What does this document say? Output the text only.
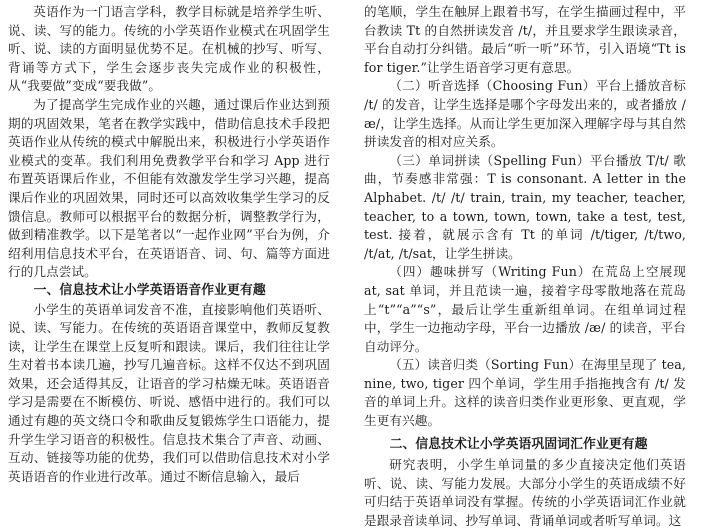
英语作为一门语言学科，教学目标就是培养学生听、说、读、写的能力。传统的小学英语作业模式在巩固学生听、说、读的方面明显优势不足。在机械的抄写、听写、背诵等方式下，学生会逐步丧失完成作业的积极性，从“我要做”变成“要我做”。

为了提高学生完成作业的兴趣，通过课后作业达到预期的巩固效果，笔者在教学实践中，借助信息技术手段把英语作业从传统的模式中解脱出来，积极进行小学英语作业模式的变革。我们利用免费教学平台和学习 App 进行布置英语课后作业，不但能有效激发学生学习兴趣，提高课后作业的巩固效果，同时还可以高效收集学生学习的反馈信息。教师可以根据平台的数据分析，调整教学行为，做到精准教学。以下是笔者以“一起作业网”平台为例，介绍利用信息技术平台，在英语语音、词、句、篇等方面进行的几点尝试。

一、信息技术让小学英语语音作业更有趣

小学生的英语单词发音不准，直接影响他们英语听、说、读、写能力。在传统的英语语音课堂中，教师反复教读，让学生在课堂上反复听和跟读。课后，我们往往让学生对着书本读几遍，抄写几遍音标。这样不仅达不到巩固效果，还会适得其反，让语音的学习枯燥无味。英语语音学习是需要在不断模仿、听说、感悟中进行的。我们可以通过有趣的英文绕口令和歌曲反复锻炼学生口语能力，提升学生学习语音的积极性。信息技术集合了声音、动画、互动、链接等功能的优势，我们可以借助信息技术对小学英语语音的作业进行改革。通过不断信息输入，最后

的笔顺，学生在触屏上跟着书写，在学生描画过程中，平台教读 Tt 的自然拼读发音 /t/，并且要求学生跟读录音，平台自动打分纠错。最后“听一听”环节，引入语境“Tt is for tiger.”让学生语音学习更有意思。

（二）听音选择（Choosing Fun）平台上播放音标 /t/ 的发音，让学生选择是哪个字母发出来的，或者播放 /æ/，让学生选择。从而让学生更加深入理解字母与其自然拼读发音的相对应关系。

（三）单词拼读（Spelling Fun）平台播放 T/t/ 歌曲，节奏感非常强：T is consonant. A letter in the Alphabet. /t/ /t/ train, train, my teacher, teacher, teacher, to a town, town, town, take a test, test, test. 接着，就展示含有 Tt 的单词 /t/tiger, /t/two, /t/at, /t/sat，让学生拼读。

（四）趣味拼写（Writing Fun）在荒岛上空展现 at, sat 单词，并且范读一遍，接着字母零散地落在荒岛上“t”“a”“s”，最后让学生重新组单词。在组单词过程中，学生一边拖动字母，平台一边播放 /æ/ 的读音，平台自动评分。

（五）读音归类（Sorting Fun）在海里呈现了 tea, nine, two, tiger 四个单词，学生用手指拖拽含有 /t/ 发音的单词上升。这样的读音归类作业更形象、更直观，学生更有兴趣。

二、信息技术让小学英语巩固词汇作业更有趣

研究表明，小学生单词量的多少直接决定他们英语听、说、读、写能力发展。大部分小学生的英语成绩不好可归结于英语单词没有掌握。传统的小学英语词汇作业就是跟录音读单词、抄写单词、背诵单词或者听写单词。这
